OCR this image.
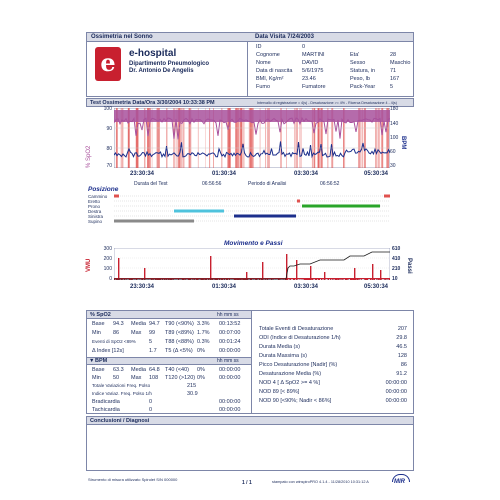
Ossimetria nel Sonno	Data Visita 7/24/2003
e	e-hospital
Dipartimento Pneumologico
Dr. Antonio De Angelis
ID	0
Cognome	MARTINI	Eta'	28
Nome	DAVID	Sesso	Maschio
Data di nascita 5/6/1975	Statura, in	71
BMI, Kg/m²	23.46	Peso, lb	167
Fumo	Fumatore	Pack-Year	5
Test Ossimetria Data/Ora 3/30/2004 10:33:38 PM	Intervallo di registrazione = 4(s) - Desaturazione >= 4% - Ricerca Desaturazione 4 - 4(s)
% SpO2
BPM
100
90
80
70
180
140
100
60
30
23:30:34	01:30:34	03:30:34	05:30:34
Durata del Test	06:56:56	Periodo di Analisi	06:56:52
Posizione
Cammino
Eretto
Prono
Destra
Sinistra
Supino
Movimento e Passi
VMU	Passi
300
200
100
0
610
410
210
10
23:30:34	01:30:34	03:30:34	05:30:34
% SpO2	hh mm ss
Base 94.3 Media 94.7 T90 (<90%) 3.3% 00:13:52
Min 86 Max 99 T89 (<89%) 1.7% 00:07:00
Eventi di SpO2 <89% 5 T88 (<88%) 0.3% 00:01:24
Δ Index [12s]	1.7 T5 (Δ <5%) 0%	00:00:00
▼ BPM	hh mm ss
Base 63.3 Media 64.8 T40 (<40) 0%	00:00:00
Min 50 Max 108 T120 (>120) 0%	00:00:00
Totale Variazioni Freq. Polso	215
Indice Variaz. Freq. Polso 1/h	30.9
Bradicardia	0	00:00:00
Tachicardia	0	00:00:00
Totale Eventi di Desaturazione	207
ODI (Indice di Desaturazione 1/h)	29.8
Durata Media (s)	46.5
Durata Massima (s)	128
Picco Desaturazione [Nadir] (%)	86
Desaturazione Media (%)	91.2
NOD 4 [ Δ SpO2 >= 4 %]	00:00:00
NOD 89 [< 89%]	00:00:00
NOD 90 [<90%; Nadir < 86%]	00:00:00
Conclusioni / Diagnosi
Strumento di misura utilizzato Spirolet S/N 000000
1 / 1	stampato con winspiroPRO 4.1.4 - 11/28/2010 10:31:12 A	MIR
